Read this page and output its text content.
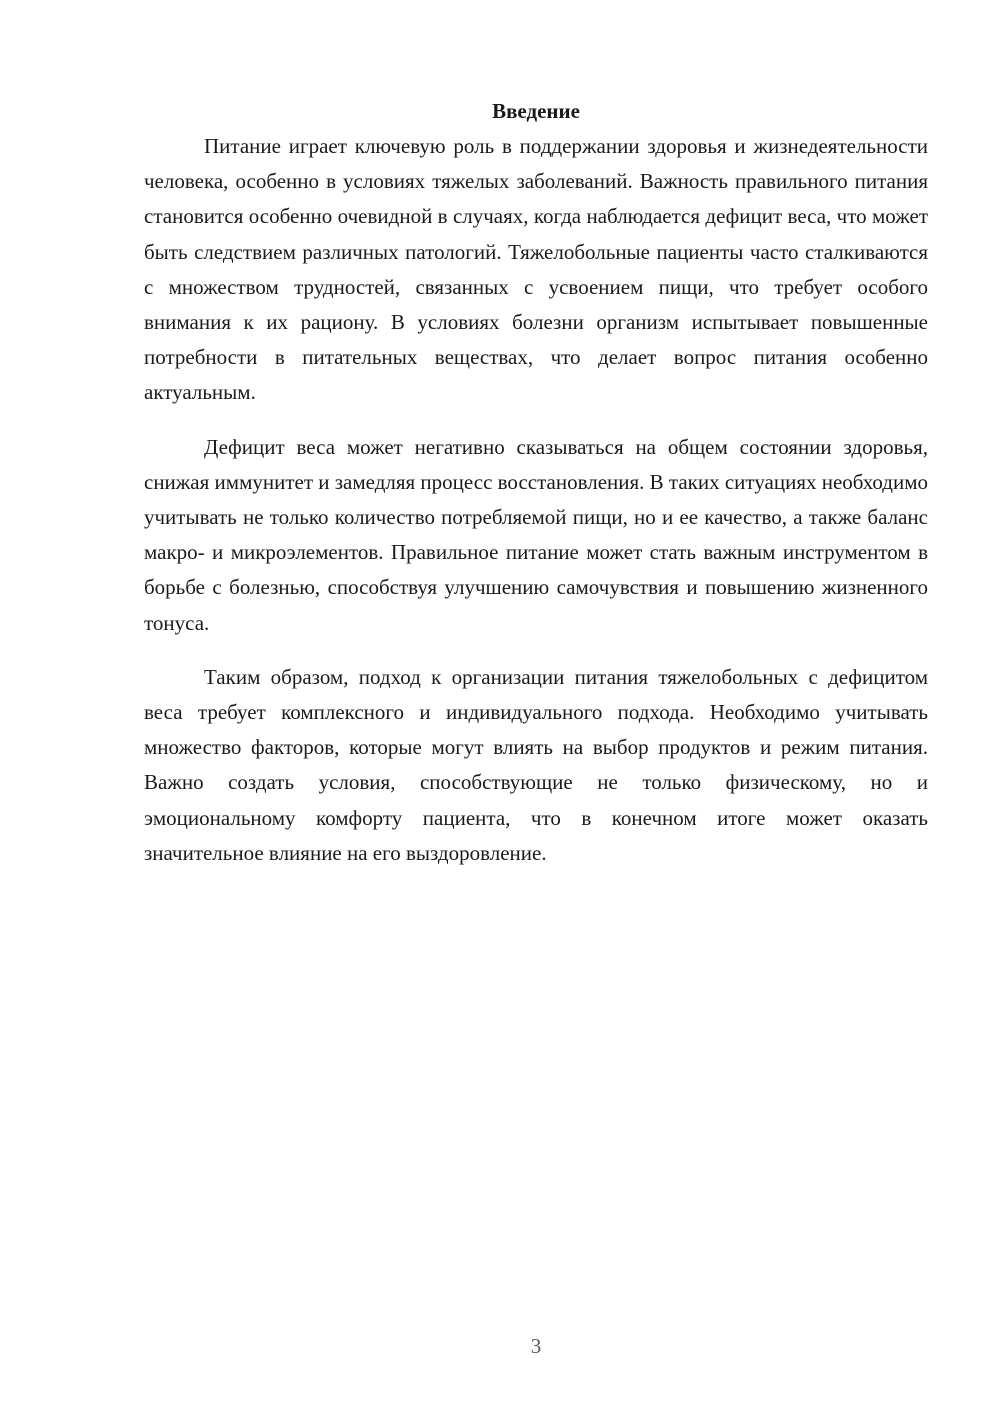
Введение

Питание играет ключевую роль в поддержании здоровья и жизнедеятельности человека, особенно в условиях тяжелых заболеваний. Важность правильного питания становится особенно очевидной в случаях, когда наблюдается дефицит веса, что может быть следствием различных патологий. Тяжелобольные пациенты часто сталкиваются с множеством трудностей, связанных с усвоением пищи, что требует особого внимания к их рациону. В условиях болезни организм испытывает повышенные потребности в питательных веществах, что делает вопрос питания особенно актуальным.

Дефицит веса может негативно сказываться на общем состоянии здоровья, снижая иммунитет и замедляя процесс восстановления. В таких ситуациях необходимо учитывать не только количество потребляемой пищи, но и ее качество, а также баланс макро- и микроэлементов. Правильное питание может стать важным инструментом в борьбе с болезнью, способствуя улучшению самочувствия и повышению жизненного тонуса.

Таким образом, подход к организации питания тяжелобольных с дефицитом веса требует комплексного и индивидуального подхода. Необходимо учитывать множество факторов, которые могут влиять на выбор продуктов и режим питания. Важно создать условия, способствующие не только физическому, но и эмоциональному комфорту пациента, что в конечном итоге может оказать значительное влияние на его выздоровление.

3
